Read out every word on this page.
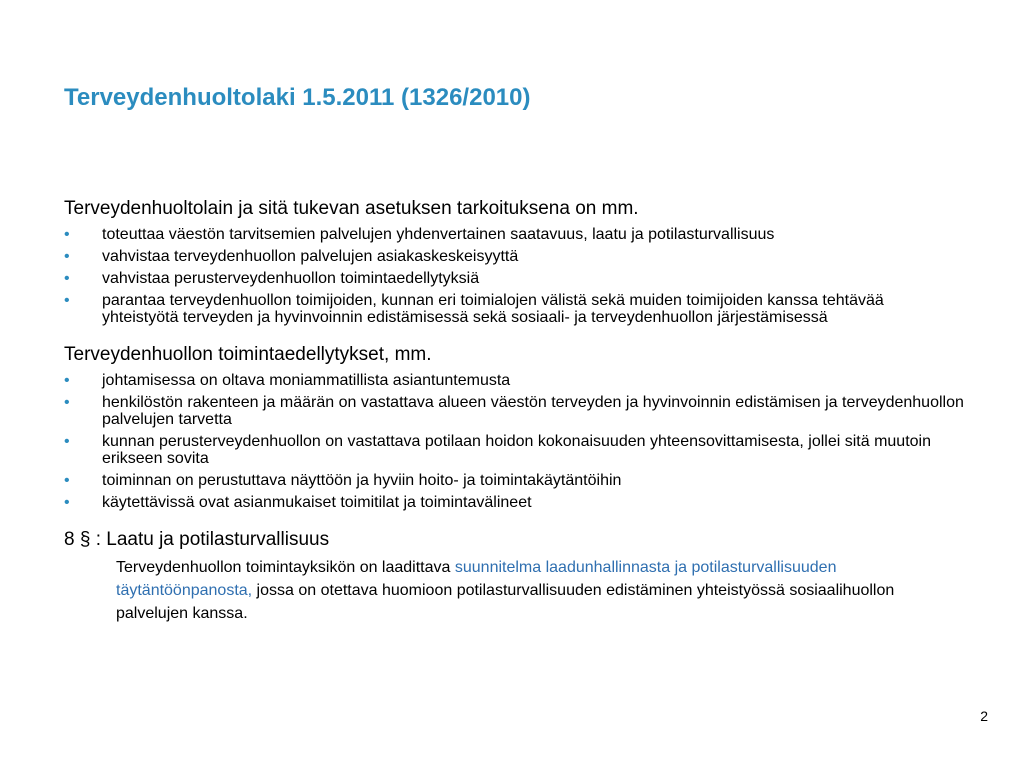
Terveydenhuoltolaki 1.5.2011 (1326/2010)
Terveydenhuoltolain ja sitä tukevan asetuksen tarkoituksena on mm.
• toteuttaa väestön tarvitsemien palvelujen yhdenvertainen saatavuus, laatu ja potilasturvallisuus
• vahvistaa terveydenhuollon palvelujen asiakaskeskeisyyttä
• vahvistaa perusterveydenhuollon toimintaedellytyksiä
• parantaa terveydenhuollon toimijoiden, kunnan eri toimialojen välistä sekä muiden toimijoiden kanssa tehtävää yhteistyötä terveyden ja hyvinvoinnin edistämisessä sekä sosiaali- ja terveydenhuollon järjestämisessä
Terveydenhuollon toimintaedellytykset, mm.
• johtamisessa on oltava moniammatillista asiantuntemusta
• henkilöstön rakenteen ja määrän on vastattava alueen väestön terveyden ja hyvinvoinnin edistämisen ja terveydenhuollon palvelujen tarvetta
• kunnan perusterveydenhuollon on vastattava potilaan hoidon kokonaisuuden yhteensovittamisesta, jollei sitä muutoin erikseen sovita
• toiminnan on perustuttava näyttöön ja hyviin hoito- ja toimintakäytäntöihin
• käytettävissä ovat asianmukaiset toimitilat ja toimintavälineet
8 § : Laatu ja potilasturvallisuus
Terveydenhuollon toimintayksikön on laadittava suunnitelma laadunhallinnasta ja potilasturvallisuuden täytäntöönpanosta, jossa on otettava huomioon potilasturvallisuuden edistäminen yhteistyössä sosiaalihuollon palvelujen kanssa.
2
